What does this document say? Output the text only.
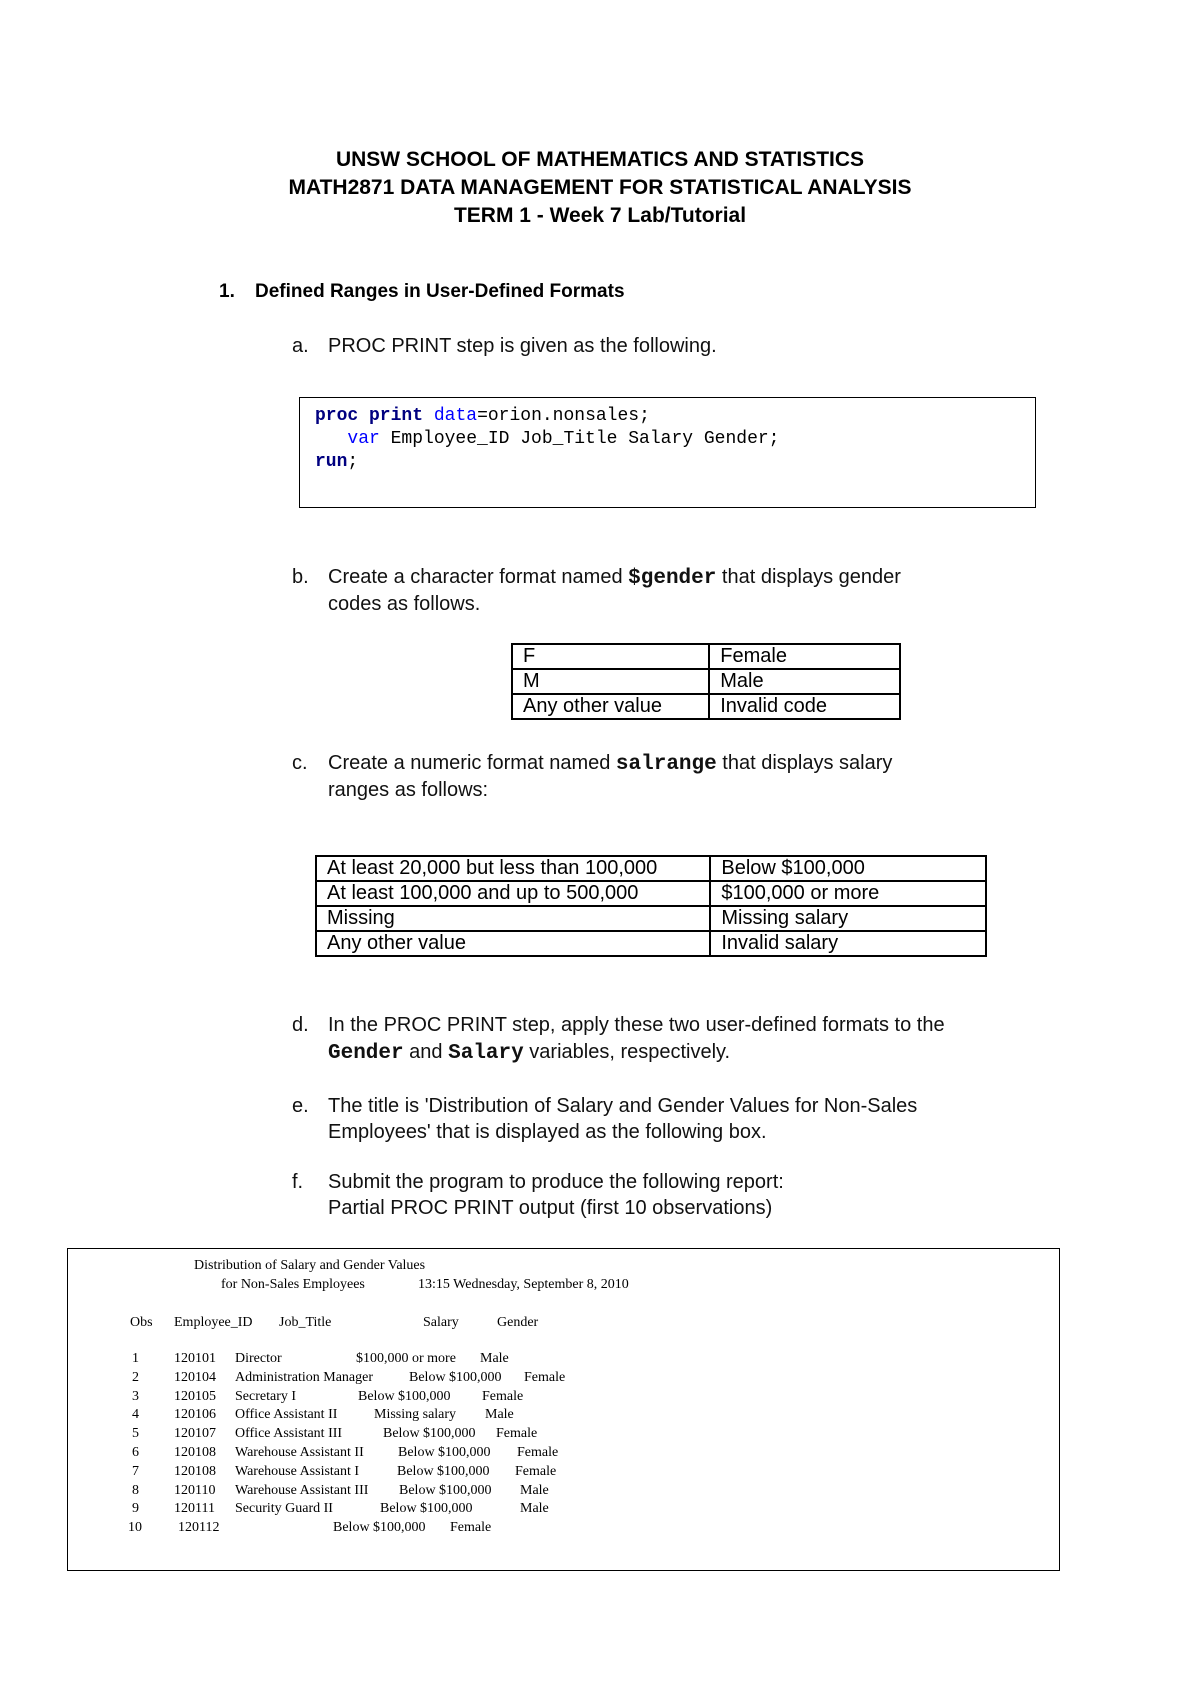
UNSW SCHOOL OF MATHEMATICS AND STATISTICS
MATH2871 DATA MANAGEMENT FOR STATISTICAL ANALYSIS
TERM 1 - Week 7 Lab/Tutorial
1. Defined Ranges in User-Defined Formats
a. PROC PRINT step is given as the following.
proc print data=orion.nonsales;
var Employee_ID Job_Title Salary Gender;
run;
b. Create a character format named $gender that displays gender
codes as follows.
F	Female
M	Male
Any other value	Invalid code
c. Create a numeric format named salrange that displays salary
ranges as follows:
At least 20,000 but less than 100,000	Below $100,000
At least 100,000 and up to 500,000	$100,000 or more
Missing	Missing salary
Any other value	Invalid salary
d. In the PROC PRINT step, apply these two user-defined formats to the
Gender and Salary variables, respectively.
e. The title is 'Distribution of Salary and Gender Values for Non-Sales
Employees' that is displayed as the following box.
f. Submit the program to produce the following report:
Partial PROC PRINT output (first 10 observations)
Distribution of Salary and Gender Values
for Non-Sales Employees	13:15 Wednesday, September 8, 2010
Obs Employee_ID Job_Title	Salary	Gender
1	120101 Director	$100,000 or more Male
2	120104 Administration Manager	Below $100,000 Female
3	120105 Secretary I	Below $100,000 Female
4	120106 Office Assistant II	Missing salary Male
5	120107 Office Assistant III	Below $100,000 Female
6	120108 Warehouse Assistant II Below $100,000 Female
7	120108 Warehouse Assistant I	Below $100,000 Female
8	120110 Warehouse Assistant III Below $100,000 Male
9	120111 Security Guard II	Below $100,000	Male
10	120112	Below $100,000 Female
